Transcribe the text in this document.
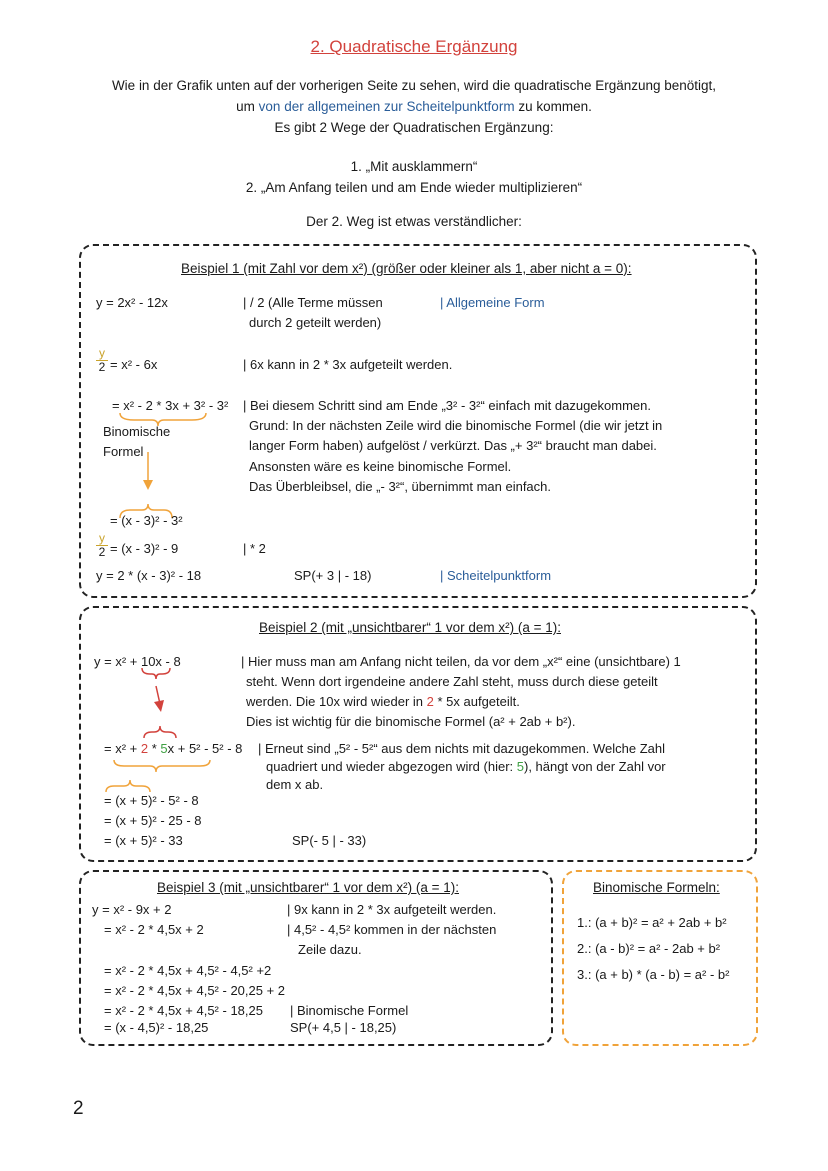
2. Quadratische Ergänzung
Wie in der Grafik unten auf der vorherigen Seite zu sehen, wird die quadratische Ergänzung benötigt,
um von der allgemeinen zur Scheitelpunktform zu kommen.
Es gibt 2 Wege der Quadratischen Ergänzung:
1. „Mit ausklammern“
2. „Am Anfang teilen und am Ende wieder multiplizieren“
Der 2. Weg ist etwas verständlicher:
Beispiel 1 (mit Zahl vor dem x²) (größer oder kleiner als 1, aber nicht a = 0):
y = 2x² - 12x	| / 2 (Alle Terme müssen
durch 2 geteilt werden)
| Allgemeine Form
$\frac{y}{2} = x^2 - 6x$	| 6x kann in 2 * 3x aufgeteilt werden.
= x² - 2 * 3x + 3² - 3² | Bei diesem Schritt sind am Ende „3² - 3²“ einfach mit dazugekommen.
Grund: In der nächsten Zeile wird die binomische Formel (die wir jetzt in
langer Form haben) aufgelöst / verkürzt. Das „+ 3²“ braucht man dabei.
Ansonsten wäre es keine binomische Formel.
Das Überbleibsel, die „- 3²“, übernimmt man einfach.
Binomische
Formel
= (x - 3)² - 3²
$\frac{y}{2} = (x - 3)^2 - 9$	| * 2
y = 2 * (x - 3)² - 18	SP(+ 3 | - 18)	| Scheitelpunktform
Beispiel 2 (mit „unsichtbarer“ 1 vor dem x²) (a = 1):
y = x² + 10x - 8	| Hier muss man am Anfang nicht teilen, da vor dem „x²“ eine (unsichtbare) 1
steht. Wenn dort irgendeine andere Zahl steht, muss durch diese geteilt
werden. Die 10x wird wieder in 2 * 5x aufgeteilt.
Dies ist wichtig für die binomische Formel (a² + 2ab + b²).
= x² + 2 * 5x + 5² - 5² - 8 | Erneut sind „5² - 5²“ aus dem nichts mit dazugekommen. Welche Zahl
quadriert und wieder abgezogen wird (hier: 5), hängt von der Zahl vor
dem x ab.
= (x + 5)² - 5² - 8
= (x + 5)² - 25 - 8
= (x + 5)² - 33	SP(- 5 | - 33)
Beispiel 3 (mit „unsichtbarer“ 1 vor dem x²) (a = 1):
y = x² - 9x + 2	| 9x kann in 2 * 3x aufgeteilt werden.
= x² - 2 * 4,5x + 2	| 4,5² - 4,5² kommen in der nächsten
Zeile dazu.
= x² - 2 * 4,5x + 4,5² - 4,5² +2
= x² - 2 * 4,5x + 4,5² - 20,25 + 2
= x² - 2 * 4,5x + 4,5² - 18,25 | Binomische Formel
= (x - 4,5)² - 18,25	SP(+ 4,5 | - 18,25)
Binomische Formeln:
1.: (a + b)² = a² + 2ab + b²
2.: (a - b)² = a² - 2ab + b²
3.: (a + b) * (a - b) = a² - b²
2
